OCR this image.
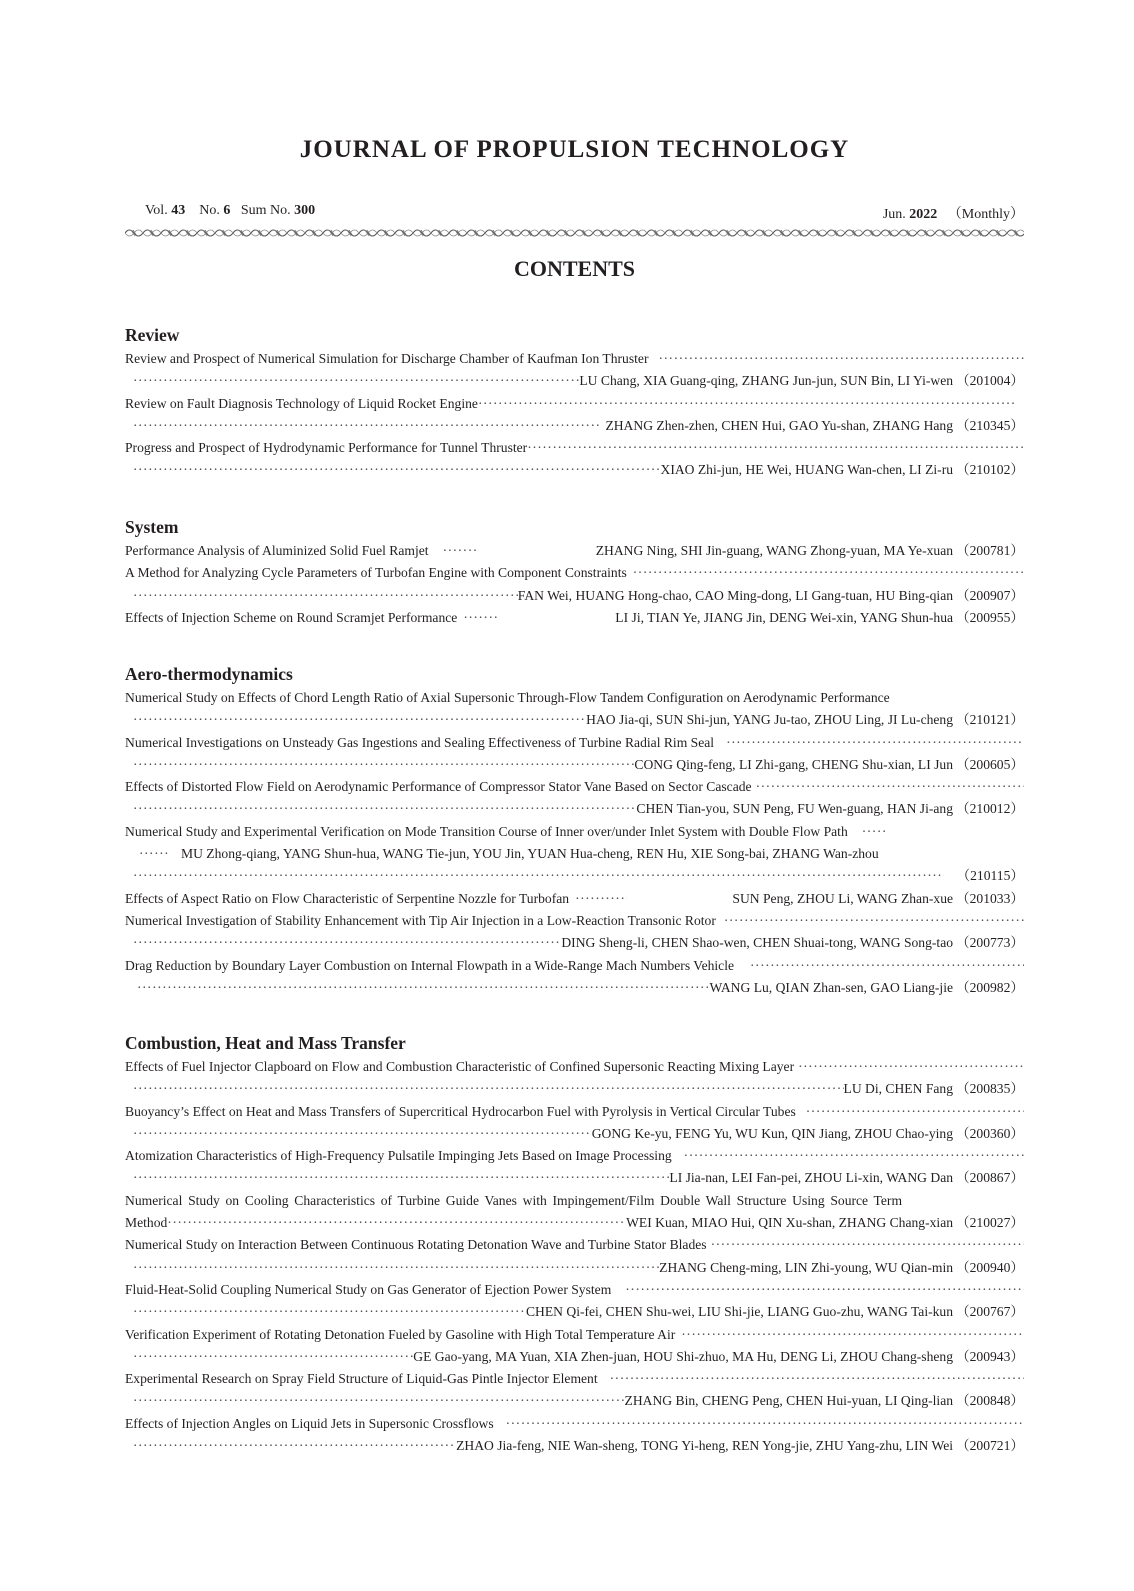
JOURNAL OF PROPULSION TECHNOLOGY
Vol. 43 No. 6 Sum No. 300	Jun. 2022 （Monthly）
CONTENTS
Review
Review and Prospect of Numerical Simulation for Discharge Chamber of Kaufman Ion Thruster
·····
·····
LU Chang, XIA Guang-qing, ZHANG Jun-jun, SUN Bin, LI Yi-wen （201004）
Review on Fault Diagnosis Technology of Liquid Rocket Engine
·····
·····
ZHANG Zhen-zhen, CHEN Hui, GAO Yu-shan, ZHANG Hang （210345）
Progress and Prospect of Hydrodynamic Performance for Tunnel Thruster
·····
·····
XIAO Zhi-jun, HE Wei, HUANG Wan-chen, LI Zi-ru （210102）
System
Performance Analysis of Aluminized Solid Fuel Ramjet ·····	ZHANG Ning, SHI Jin-guang, WANG Zhong-yuan, MA Ye-xuan （200781）
A Method for Analyzing Cycle Parameters of Turbofan Engine with Component Constraints
·····
·····
FAN Wei, HUANG Hong-chao, CAO Ming-dong, LI Gang-tuan, HU Bing-qian （200907）
Effects of Injection Scheme on Round Scramjet Performance ·····	LI Ji, TIAN Ye, JIANG Jin, DENG Wei-xin, YANG Shun-hua （200955）
Aero-thermodynamics
Numerical Study on Effects of Chord Length Ratio of Axial Supersonic Through-Flow Tandem Configuration on Aerodynamic Performance
·····
HAO Jia-qi, SUN Shi-jun, YANG Ju-tao, ZHOU Ling, JI Lu-cheng （210121）
Numerical Investigations on Unsteady Gas Ingestions and Sealing Effectiveness of Turbine Radial Rim Seal
·····
·····
CONG Qing-feng, LI Zhi-gang, CHENG Shu-xian, LI Jun （200605）
Effects of Distorted Flow Field on Aerodynamic Performance of Compressor Stator Vane Based on Sector Cascade
·····
·····
CHEN Tian-you, SUN Peng, FU Wen-guang, HAN Ji-ang （210012）
Numerical Study and Experimental Verification on Mode Transition Course of Inner over/under Inlet System with Double Flow Path
·····
·····
MU Zhong-qiang, YANG Shun-hua, WANG Tie-jun, YOU Jin, YUAN Hua-cheng, REN Hu, XIE Song-bai, ZHANG Wan-zhou
·····
（210115）
Effects of Aspect Ratio on Flow Characteristic of Serpentine Nozzle for Turbofan ·····	SUN Peng, ZHOU Li, WANG Zhan-xue （201033）
Numerical Investigation of Stability Enhancement with Tip Air Injection in a Low-Reaction Transonic Rotor
·····
·····
DING Sheng-li, CHEN Shao-wen, CHEN Shuai-tong, WANG Song-tao （200773）
Drag Reduction by Boundary Layer Combustion on Internal Flowpath in a Wide-Range Mach Numbers Vehicle
·····
·····
WANG Lu, QIAN Zhan-sen, GAO Liang-jie （200982）
Combustion, Heat and Mass Transfer
Effects of Fuel Injector Clapboard on Flow and Combustion Characteristic of Confined Supersonic Reacting Mixing Layer
·····
·····
LU Di, CHEN Fang （200835）
Buoyancy’s Effect on Heat and Mass Transfers of Supercritical Hydrocarbon Fuel with Pyrolysis in Vertical Circular Tubes
·····
·····
GONG Ke-yu, FENG Yu, WU Kun, QIN Jiang, ZHOU Chao-ying （200360）
Atomization Characteristics of High-Frequency Pulsatile Impinging Jets Based on Image Processing
·····
·····
LI Jia-nan, LEI Fan-pei, ZHOU Li-xin, WANG Dan （200867）
Numerical Study on Cooling Characteristics of Turbine Guide Vanes with Impingement/Film Double Wall Structure Using Source Term
Method ·····	WEI Kuan, MIAO Hui, QIN Xu-shan, ZHANG Chang-xian （210027）
Numerical Study on Interaction Between Continuous Rotating Detonation Wave and Turbine Stator Blades
·····
·····
ZHANG Cheng-ming, LIN Zhi-young, WU Qian-min （200940）
Fluid-Heat-Solid Coupling Numerical Study on Gas Generator of Ejection Power System
·····
·····
CHEN Qi-fei, CHEN Shu-wei, LIU Shi-jie, LIANG Guo-zhu, WANG Tai-kun （200767）
Verification Experiment of Rotating Detonation Fueled by Gasoline with High Total Temperature Air
·····
·····
GE Gao-yang, MA Yuan, XIA Zhen-juan, HOU Shi-zhuo, MA Hu, DENG Li, ZHOU Chang-sheng （200943）
Experimental Research on Spray Field Structure of Liquid-Gas Pintle Injector Element
·····
·····
ZHANG Bin, CHENG Peng, CHEN Hui-yuan, LI Qing-lian （200848）
Effects of Injection Angles on Liquid Jets in Supersonic Crossflows
·····
·····
ZHAO Jia-feng, NIE Wan-sheng, TONG Yi-heng, REN Yong-jie, ZHU Yang-zhu, LIN Wei （200721）
